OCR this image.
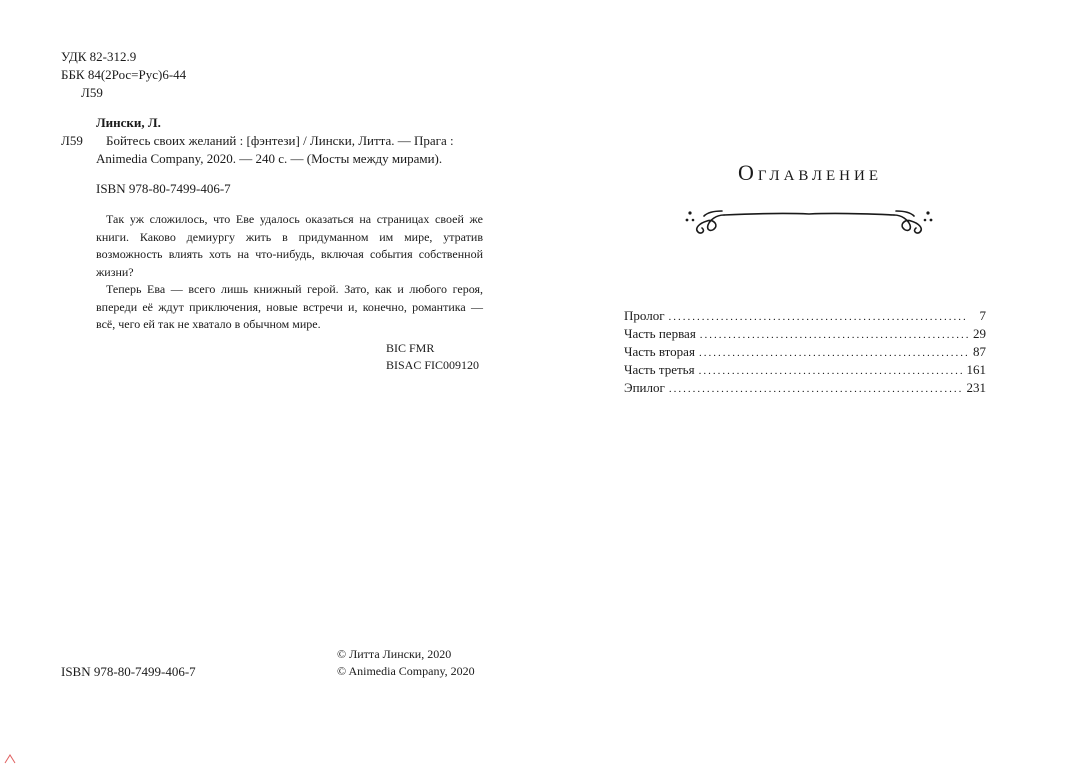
УДК 82-312.9
ББК 84(2Рос=Рус)6-44
Л59
Лински, Л.
Л59 Бойтесь своих желаний : [фэнтези] / Лински, Литта. — Прага :
Animedia Company, 2020. — 240 с. — (Мосты между мирами).
ISBN 978-80-7499-406-7

Так уж сложилось, что Еве удалось оказаться на страницах своей же книги. Каково демиургу жить в придуманном им мире, утратив возможность влиять хоть на что-нибудь, включая события собственной жизни?

Теперь Ева — всего лишь книжный герой. Зато, как и любого героя, впереди её ждут приключения, новые встречи и, конечно, романтика — всё, чего ей так не хватало в обычном мире.

BIC FMR
BISAC FIC009120
© Литта Лински, 2020
© Animedia Company, 2020
ISBN 978-80-7499-406-7
Оглавление
Пролог .....	7
Часть первая .....	29
Часть вторая .....	87
Часть третья .....	161
Эпилог .....	231
